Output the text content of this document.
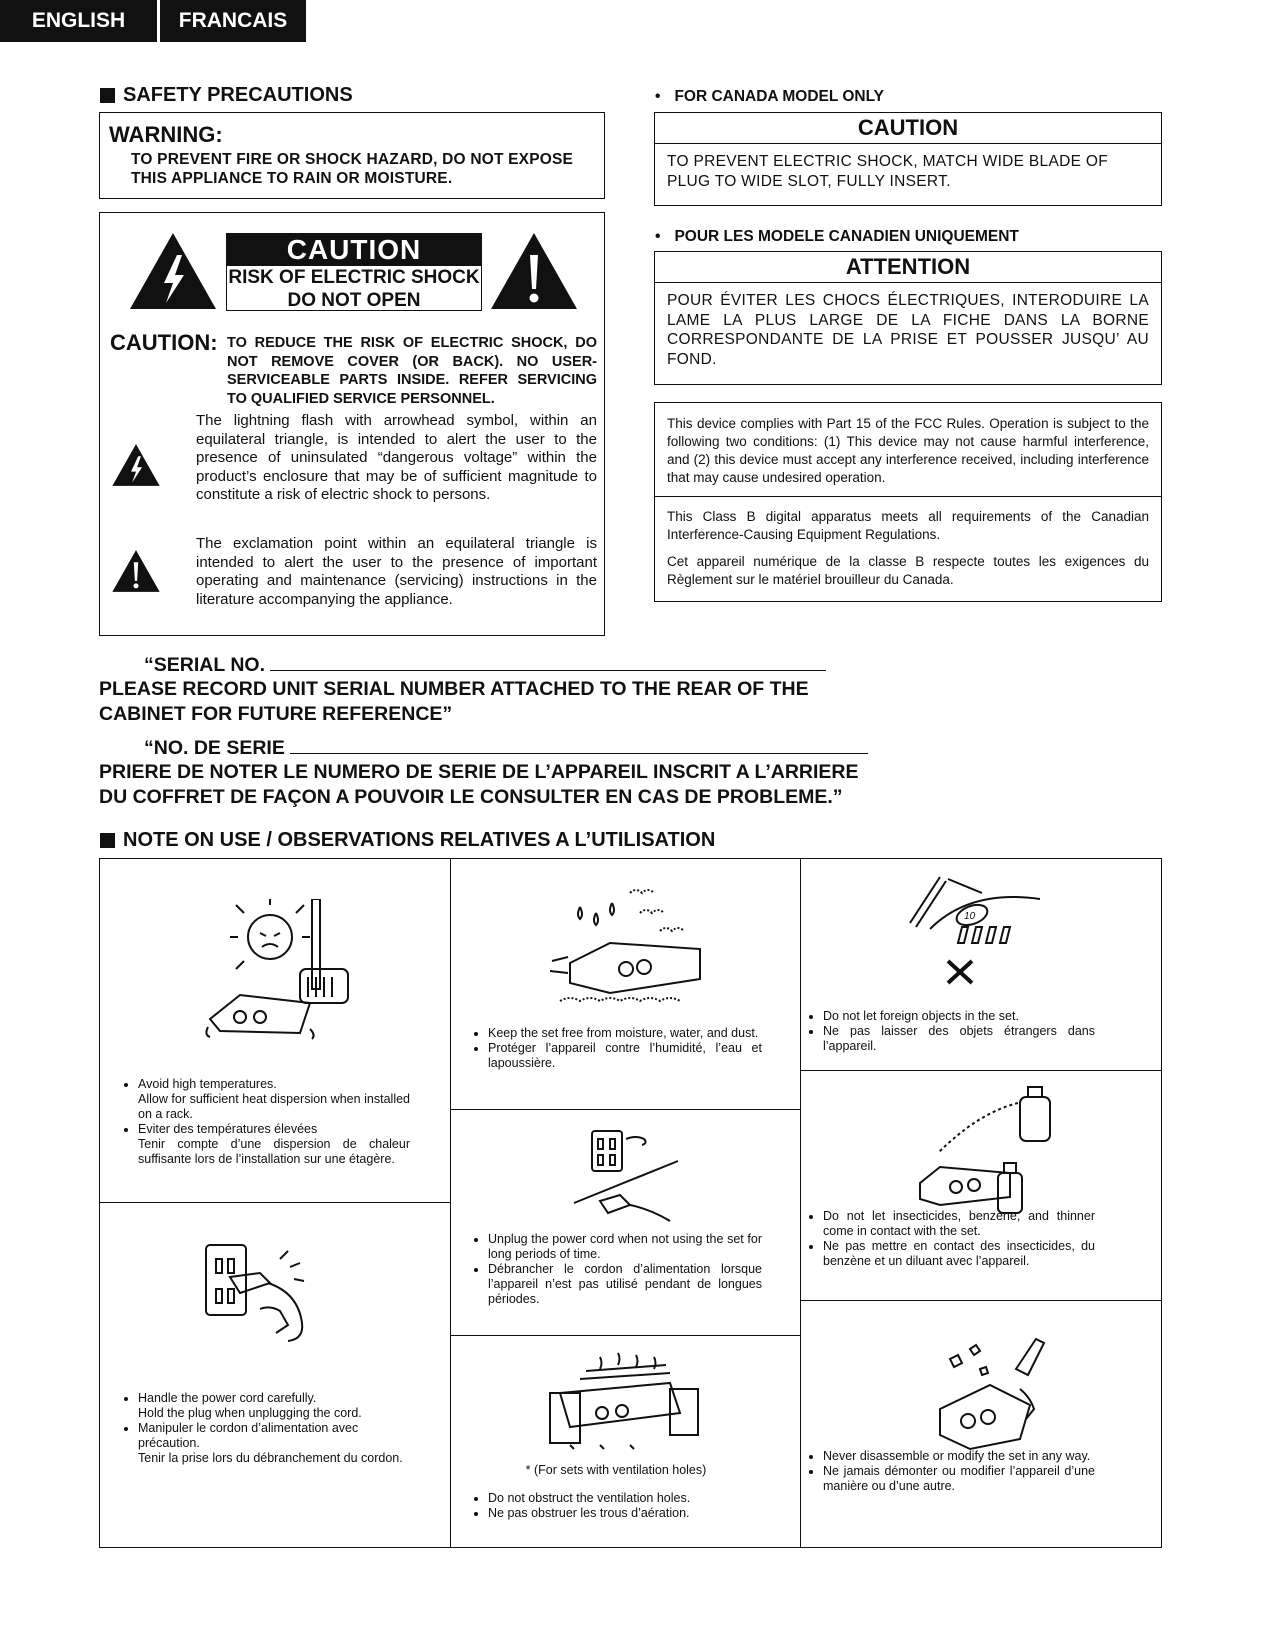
ENGLISH	FRANCAIS
SAFETY PRECAUTIONS
WARNING:
TO PREVENT FIRE OR SHOCK HAZARD, DO NOT EXPOSE THIS APPLIANCE TO RAIN OR MOISTURE.
CAUTION
RISK OF ELECTRIC SHOCK
DO NOT OPEN
CAUTION: TO REDUCE THE RISK OF ELECTRIC SHOCK, DO NOT REMOVE COVER (OR BACK). NO USER-SERVICEABLE PARTS INSIDE. REFER SERVICING TO QUALIFIED SERVICE PERSONNEL.
The lightning flash with arrowhead symbol, within an equilateral triangle, is intended to alert the user to the presence of uninsulated “dangerous voltage” within the product’s enclosure that may be of sufficient magnitude to constitute a risk of electric shock to persons.
The exclamation point within an equilateral triangle is intended to alert the user to the presence of important operating and maintenance (servicing) instructions in the literature accompanying the appliance.
• FOR CANADA MODEL ONLY
CAUTION
TO PREVENT ELECTRIC SHOCK, MATCH WIDE BLADE OF PLUG TO WIDE SLOT, FULLY INSERT.
• POUR LES MODELE CANADIEN UNIQUEMENT
ATTENTION
POUR ÉVITER LES CHOCS ÉLECTRIQUES, INTERODUIRE LA LAME LA PLUS LARGE DE LA FICHE DANS LA BORNE CORRESPONDANTE DE LA PRISE ET POUSSER JUSQU’ AU FOND.
This device complies with Part 15 of the FCC Rules. Operation is subject to the following two conditions: (1) This device may not cause harmful interference, and (2) this device must accept any interference received, including interference that may cause undesired operation.
This Class B digital apparatus meets all requirements of the Canadian Interference-Causing Equipment Regulations.
Cet appareil numérique de la classe B respecte toutes les exigences du Règlement sur le matériel brouilleur du Canada.
“SERIAL NO.
PLEASE RECORD UNIT SERIAL NUMBER ATTACHED TO THE REAR OF THE
CABINET FOR FUTURE REFERENCE”
“NO. DE SERIE
PRIERE DE NOTER LE NUMERO DE SERIE DE L’APPAREIL INSCRIT A L’ARRIERE
DU COFFRET DE FAÇON A POUVOIR LE CONSULTER EN CAS DE PROBLEME.”
NOTE ON USE / OBSERVATIONS RELATIVES A L’UTILISATION
• Avoid high temperatures.
Allow for sufficient heat dispersion when installed on a rack.
• Eviter des températures élevées
Tenir compte d’une dispersion de chaleur suffisante lors de l’installation sur une étagère.
• Handle the power cord carefully.
Hold the plug when unplugging the cord.
• Manipuler le cordon d’alimentation avec précaution.
Tenir la prise lors du débranchement du cordon.
• Keep the set free from moisture, water, and dust.
• Protéger l’appareil contre l’humidité, l’eau et lapoussière.
• Unplug the power cord when not using the set for long periods of time.
• Débrancher le cordon d’alimentation lorsque l’appareil n’est pas utilisé pendant de longues périodes.

* (For sets with ventilation holes)

• Do not obstruct the ventilation holes.
• Ne pas obstruer les trous d’aération.
10
• Do not let foreign objects in the set.
• Ne pas laisser des objets étrangers dans l’appareil.
• Do not let insecticides, benzene, and thinner come in contact with the set.
• Ne pas mettre en contact des insecticides, du benzène et un diluant avec l’appareil.
• Never disassemble or modify the set in any way.
• Ne jamais démonter ou modifier l’appareil d’une manière ou d’une autre.
